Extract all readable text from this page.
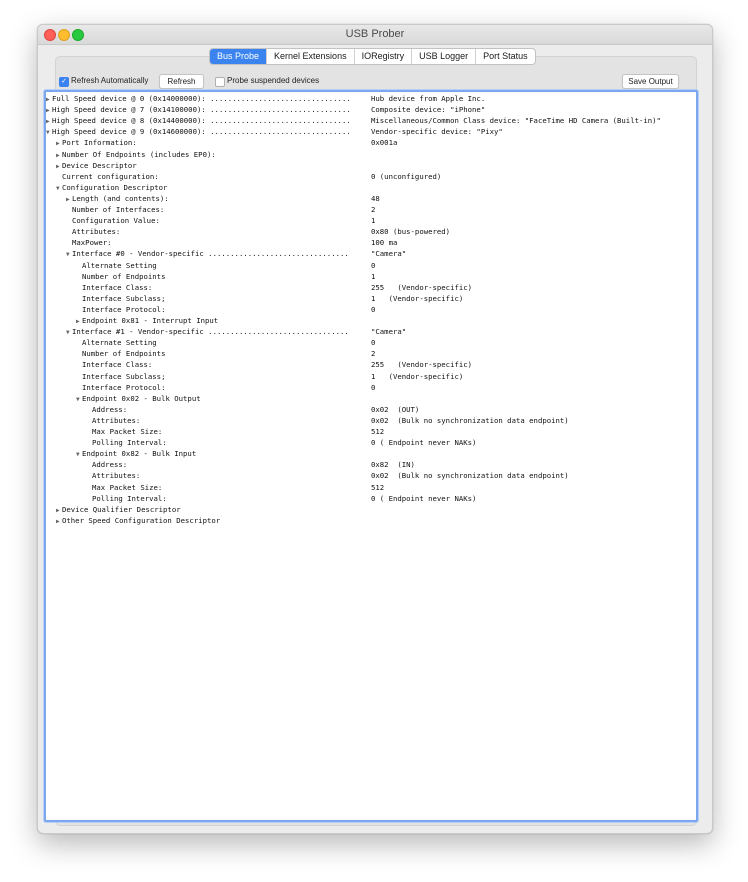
USB Prober
Bus Probe	Kernel Extensions	IORegistry	USB Logger	Port Status
✓ Refresh Automatically	Refresh	Probe suspended devices	Save Output
▶ Full Speed device @ 0 (0x14000000): ................................	Hub device from Apple Inc.
▶ High Speed device @ 7 (0x14100000): ................................	Composite device: "iPhone"
▶ High Speed device @ 8 (0x14400000): ................................	Miscellaneous/Common Class device: "FaceTime HD Camera (Built-in)"
▼ High Speed device @ 9 (0x14600000): ................................	Vendor-specific device: "Pixy"
▶ Port Information:	0x001a
▶ Number Of Endpoints (includes EP0):
▶ Device Descriptor
Current configuration:	0 (unconfigured)
▼ Configuration Descriptor
▶ Length (and contents):	48
Number of Interfaces:	2
Configuration Value:	1
Attributes:	0x80 (bus-powered)
MaxPower:	100 ma
▼ Interface #0 - Vendor-specific ................................	"Camera"
Alternate Setting	0
Number of Endpoints	1
Interface Class:	255   (Vendor-specific)
Interface Subclass;	1   (Vendor-specific)
Interface Protocol:	0
▶ Endpoint 0x81 - Interrupt Input
▼ Interface #1 - Vendor-specific ................................	"Camera"
Alternate Setting	0
Number of Endpoints	2
Interface Class:	255   (Vendor-specific)
Interface Subclass;	1   (Vendor-specific)
Interface Protocol:	0
▼ Endpoint 0x02 - Bulk Output
Address:	0x02  (OUT)
Attributes:	0x02  (Bulk no synchronization data endpoint)
Max Packet Size:	512
Polling Interval:	0 ( Endpoint never NAKs)
▼ Endpoint 0x82 - Bulk Input
Address:	0x82  (IN)
Attributes:	0x02  (Bulk no synchronization data endpoint)
Max Packet Size:	512
Polling Interval:	0 ( Endpoint never NAKs)
▶ Device Qualifier Descriptor
▶ Other Speed Configuration Descriptor
